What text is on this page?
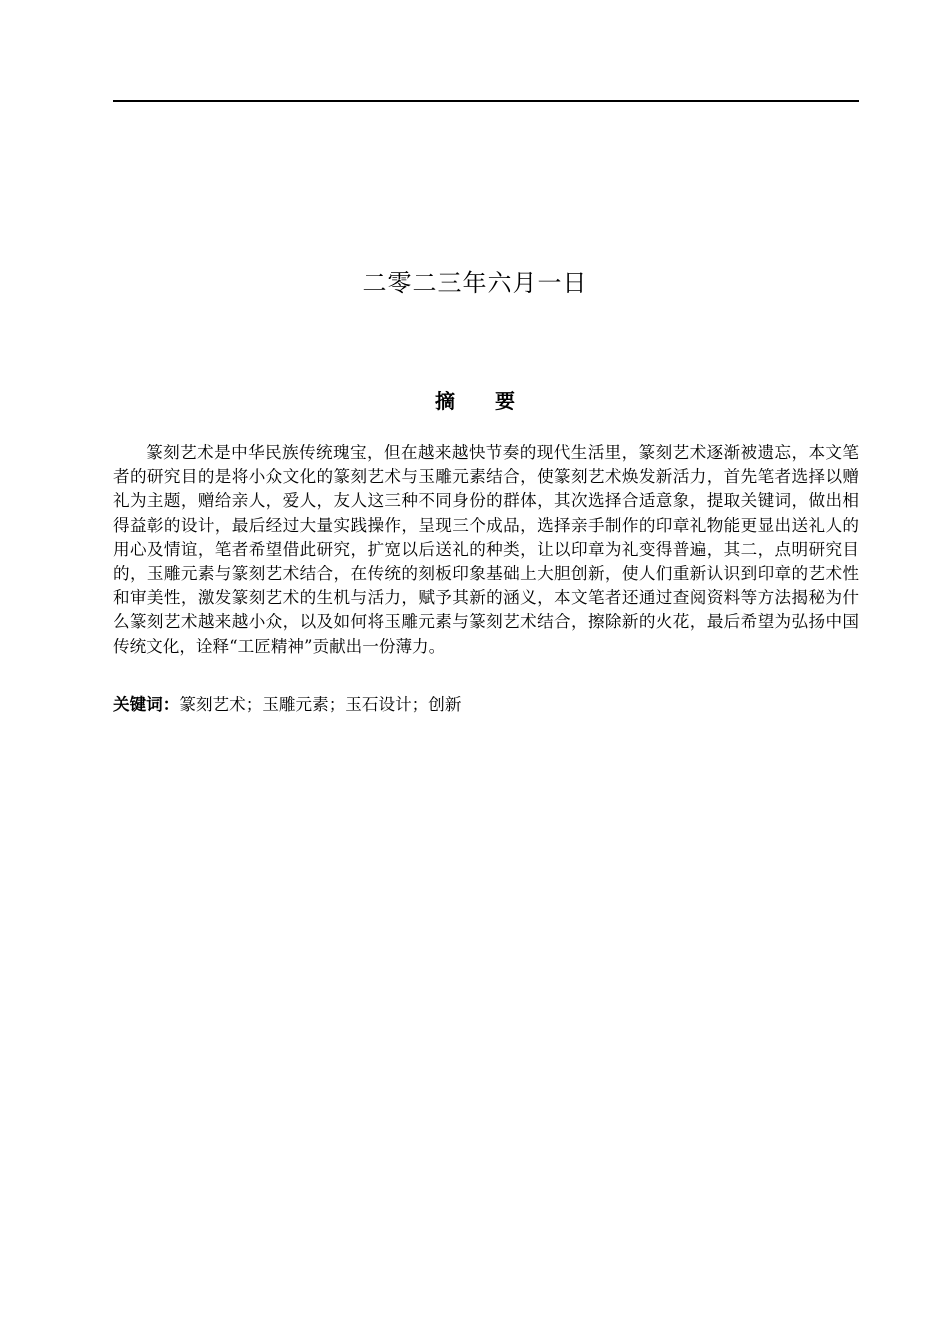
二零二三年六月一日
摘　　要

篆刻艺术是中华民族传统瑰宝，但在越来越快节奏的现代生活里，篆刻艺术逐渐被遗忘，本文笔者的研究目的是将小众文化的篆刻艺术与玉雕元素结合，使篆刻艺术焕发新活力，首先笔者选择以赠礼为主题，赠给亲人，爱人，友人这三种不同身份的群体，其次选择合适意象，提取关键词，做出相得益彰的设计，最后经过大量实践操作，呈现三个成品，选择亲手制作的印章礼物能更显出送礼人的用心及情谊，笔者希望借此研究，扩宽以后送礼的种类，让以印章为礼变得普遍，其二，点明研究目的，玉雕元素与篆刻艺术结合，在传统的刻板印象基础上大胆创新，使人们重新认识到印章的艺术性和审美性，激发篆刻艺术的生机与活力，赋予其新的涵义，本文笔者还通过查阅资料等方法揭秘为什么篆刻艺术越来越小众，以及如何将玉雕元素与篆刻艺术结合，擦除新的火花，最后希望为弘扬中国传统文化，诠释“工匠精神”贡献出一份薄力。

关键词：篆刻艺术；玉雕元素；玉石设计；创新
